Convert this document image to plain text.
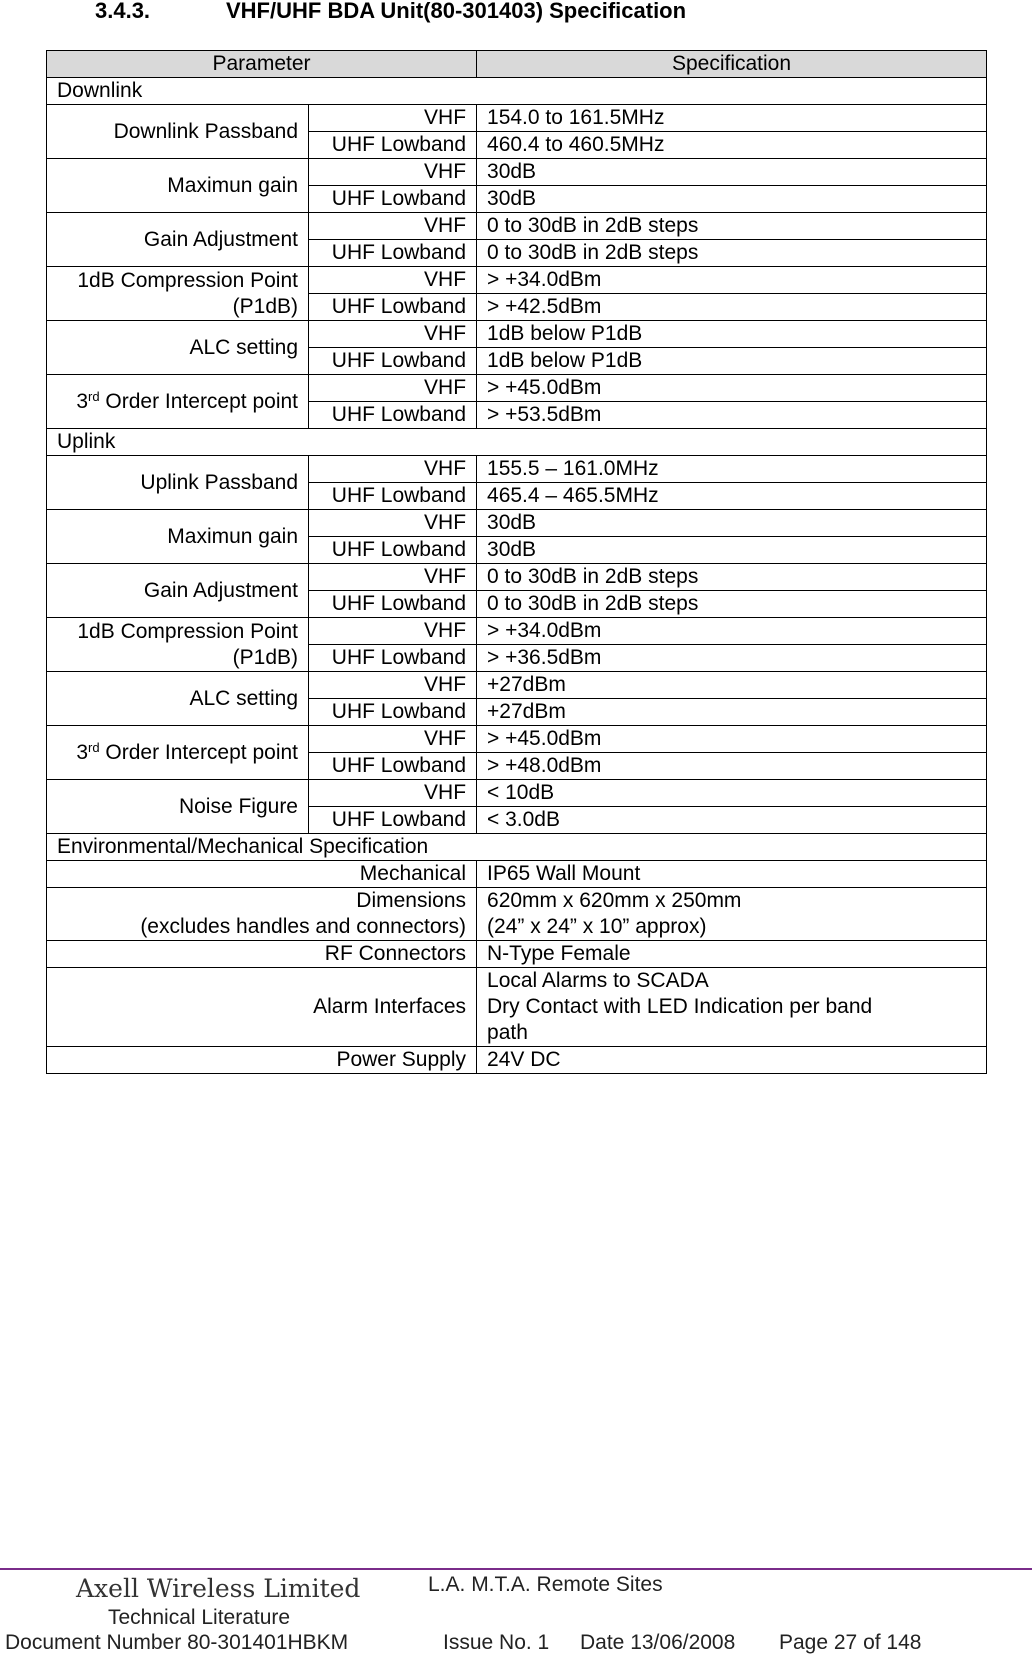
3.4.3.	VHF/UHF BDA Unit(80-301403) Specification
Parameter		Specification
Downlink		
Downlink Passband	VHF	154.0 to 161.5MHz
	UHF Lowband	460.4 to 460.5MHz
Maximun gain	VHF	30dB
	UHF Lowband	30dB
Gain Adjustment	VHF	0 to 30dB in 2dB steps
	UHF Lowband	0 to 30dB in 2dB steps
1dB Compression Point
(P1dB)	VHF	> +34.0dBm
	UHF Lowband	> +42.5dBm
ALC setting	VHF	1dB below P1dB
	UHF Lowband	1dB below P1dB
3rd Order Intercept point	VHF	> +45.0dBm
	UHF Lowband	> +53.5dBm
Uplink		
Uplink Passband	VHF	155.5 – 161.0MHz
	UHF Lowband	465.4 – 465.5MHz
Maximun gain	VHF	30dB
	UHF Lowband	30dB
Gain Adjustment	VHF	0 to 30dB in 2dB steps
	UHF Lowband	0 to 30dB in 2dB steps
1dB Compression Point
(P1dB)	VHF	> +34.0dBm
	UHF Lowband	> +36.5dBm
ALC setting	VHF	+27dBm
	UHF Lowband	+27dBm
3rd Order Intercept point	VHF	> +45.0dBm
	UHF Lowband	> +48.0dBm
Noise Figure	VHF	< 10dB
	UHF Lowband	< 3.0dB
Environmental/Mechanical Specification		
Mechanical		IP65 Wall Mount
Dimensions
(excludes handles and connectors)		620mm x 620mm x 250mm
(24” x 24” x 10” approx)
RF Connectors		N-Type Female
Alarm Interfaces		Local Alarms to SCADA
Dry Contact with LED Indication per band
path
Power Supply		24V DC
Axell Wireless Limited
Technical Literature
L.A. M.T.A. Remote Sites
Document Number 80-301401HBKM	Issue No. 1 Date 13/06/2008 Page 27 of 148
